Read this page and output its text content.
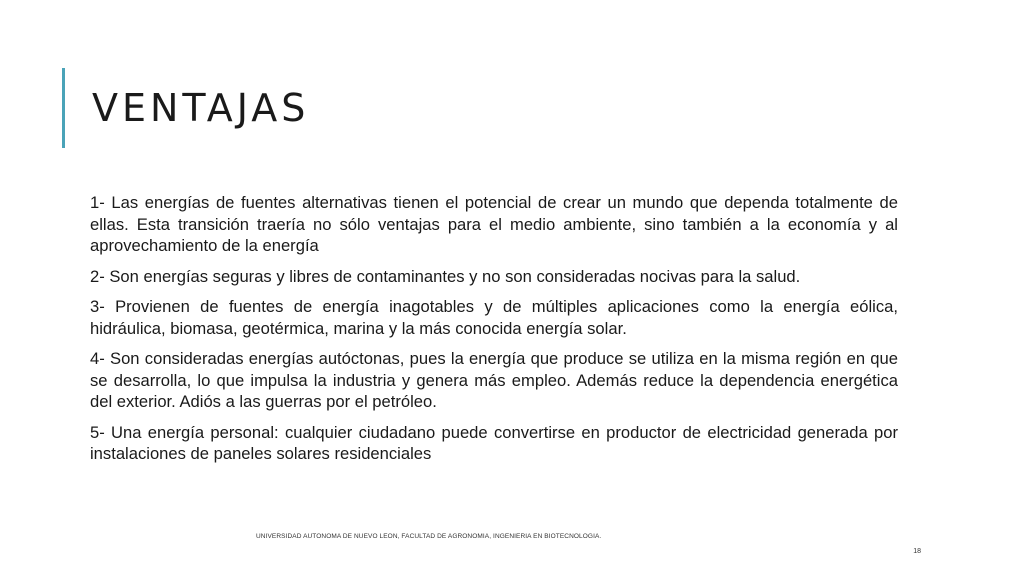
VENTAJAS

1- Las energías de fuentes alternativas tienen el potencial de crear un mundo que dependa totalmente de ellas. Esta transición traería no sólo ventajas para el medio ambiente, sino también a la economía y al aprovechamiento de la energía

2- Son energías seguras y libres de contaminantes y no son consideradas nocivas para la salud.

3- Provienen de fuentes de energía inagotables y de múltiples aplicaciones como la energía eólica, hidráulica, biomasa, geotérmica, marina y la más conocida energía solar.

4- Son consideradas energías autóctonas, pues la energía que produce se utiliza en la misma región en que se desarrolla, lo que impulsa la industria y genera más empleo. Además reduce la dependencia energética del exterior. Adiós a las guerras por el petróleo.

5- Una energía personal: cualquier ciudadano puede convertirse en productor de electricidad generada por instalaciones de paneles solares residenciales

UNIVERSIDAD AUTONOMA DE NUEVO LEON, FACULTAD DE AGRONOMIA, INGENIERIA EN BIOTECNOLOGIA.
18
